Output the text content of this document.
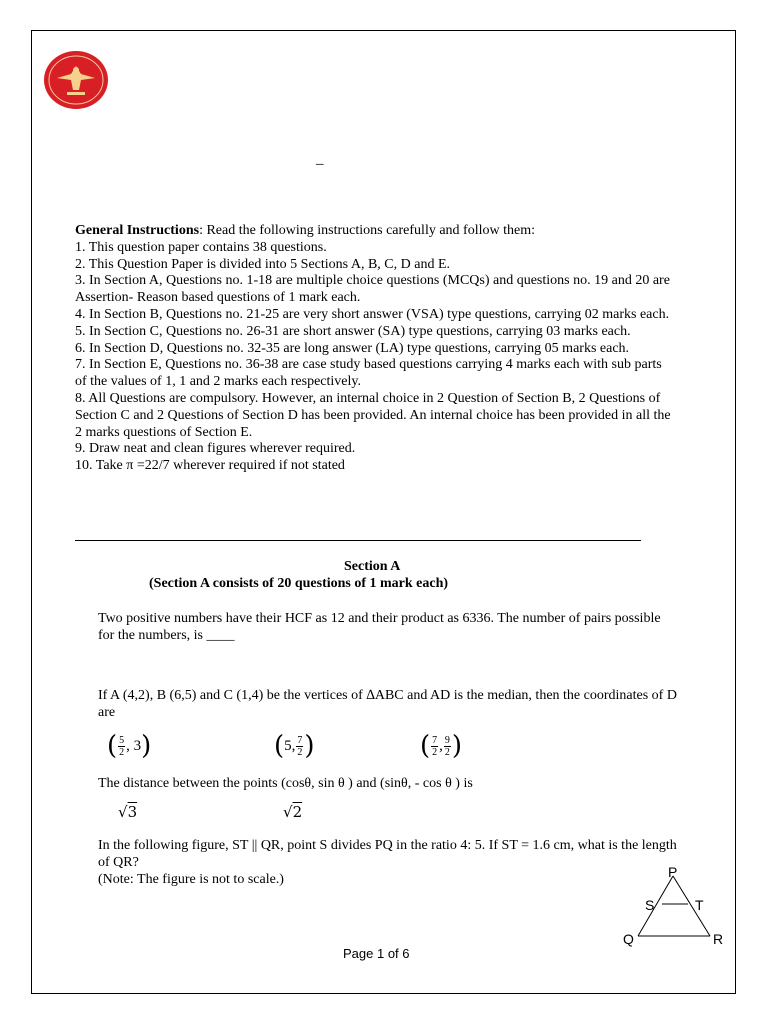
–

General Instructions: Read the following instructions carefully and follow them:

1. This question paper contains 38 questions.

2. This Question Paper is divided into 5 Sections A, B, C, D and E.

3. In Section A, Questions no. 1-18 are multiple choice questions (MCQs) and questions no. 19 and 20 are Assertion- Reason based questions of 1 mark each.

4. In Section B, Questions no. 21-25 are very short answer (VSA) type questions, carrying 02 marks each.

5. In Section C, Questions no. 26-31 are short answer (SA) type questions, carrying 03 marks each.

6. In Section D, Questions no. 32-35 are long answer (LA) type questions, carrying 05 marks each.

7. In Section E, Questions no. 36-38 are case study based questions carrying 4 marks each with sub parts of the values of 1, 1 and 2 marks each respectively.

8. All Questions are compulsory. However, an internal choice in 2 Question of Section B, 2 Questions of Section C and 2 Questions of Section D has been provided. An internal choice has been provided in all the 2 marks questions of Section E.

9. Draw neat and clean figures wherever required.

10. Take π =22/7 wherever required if not stated

Section A
(Section A consists of 20 questions of 1 mark each)

Two positive numbers have their HCF as 12 and their product as 6336. The number of pairs possible for the numbers, is ____

If A (4,2), B (6,5) and C (1,4) be the vertices of ∆ABC and AD is the median, then the coordinates of D are

( $\frac{5}{2}$ ,
3 )	( 5, $\frac{7}{2}$ )	( $\frac{7}{2}$ , $\frac{9}{2}$ )

The distance between the points (cosθ, sin θ ) and (sinθ, - cos θ ) is

√3	√2

In the following figure, ST || QR, point S divides PQ in the ratio 4: 5. If ST = 1.6 cm, what is the length of QR?

(Note: The figure is not to scale.)	P
S	T
Q	R
Page 1 of 6
